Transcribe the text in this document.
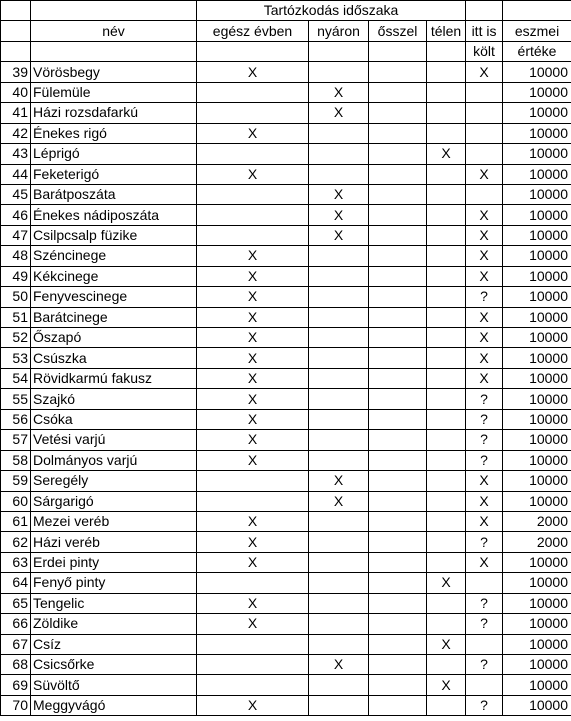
		Tartózkodás időszaka					
	név	egész évben	nyáron	ősszel	télen	itt is	eszmei
						költ	értéke
39	Vörösbegy	X				X	10000
40	Fülemüle		X				10000
41	Házi rozsdafarkú		X				10000
42	Énekes rigó	X					10000
43	Léprigó				X		10000
44	Feketerigó	X				X	10000
45	Barátposzáta		X				10000
46	Énekes nádiposzáta		X			X	10000
47	Csilpcsalp füzike		X			X	10000
48	Széncinege	X				X	10000
49	Kékcinege	X				X	10000
50	Fenyvescinege	X				?	10000
51	Barátcinege	X				X	10000
52	Őszapó	X				X	10000
53	Csúszka	X				X	10000
54	Rövidkarmú fakusz	X				X	10000
55	Szajkó	X				?	10000
56	Csóka	X				?	10000
57	Vetési varjú	X				?	10000
58	Dolmányos varjú	X				?	10000
59	Seregély		X			X	10000
60	Sárgarigó		X			X	10000
61	Mezei veréb	X				X	2000
62	Házi veréb	X				?	2000
63	Erdei pinty	X				X	10000
64	Fenyő pinty				X		10000
65	Tengelic	X				?	10000
66	Zöldike	X				?	10000
67	Csíz				X		10000
68	Csicsőrke		X			?	10000
69	Süvöltő				X		10000
70	Meggyvágó	X				?	10000
